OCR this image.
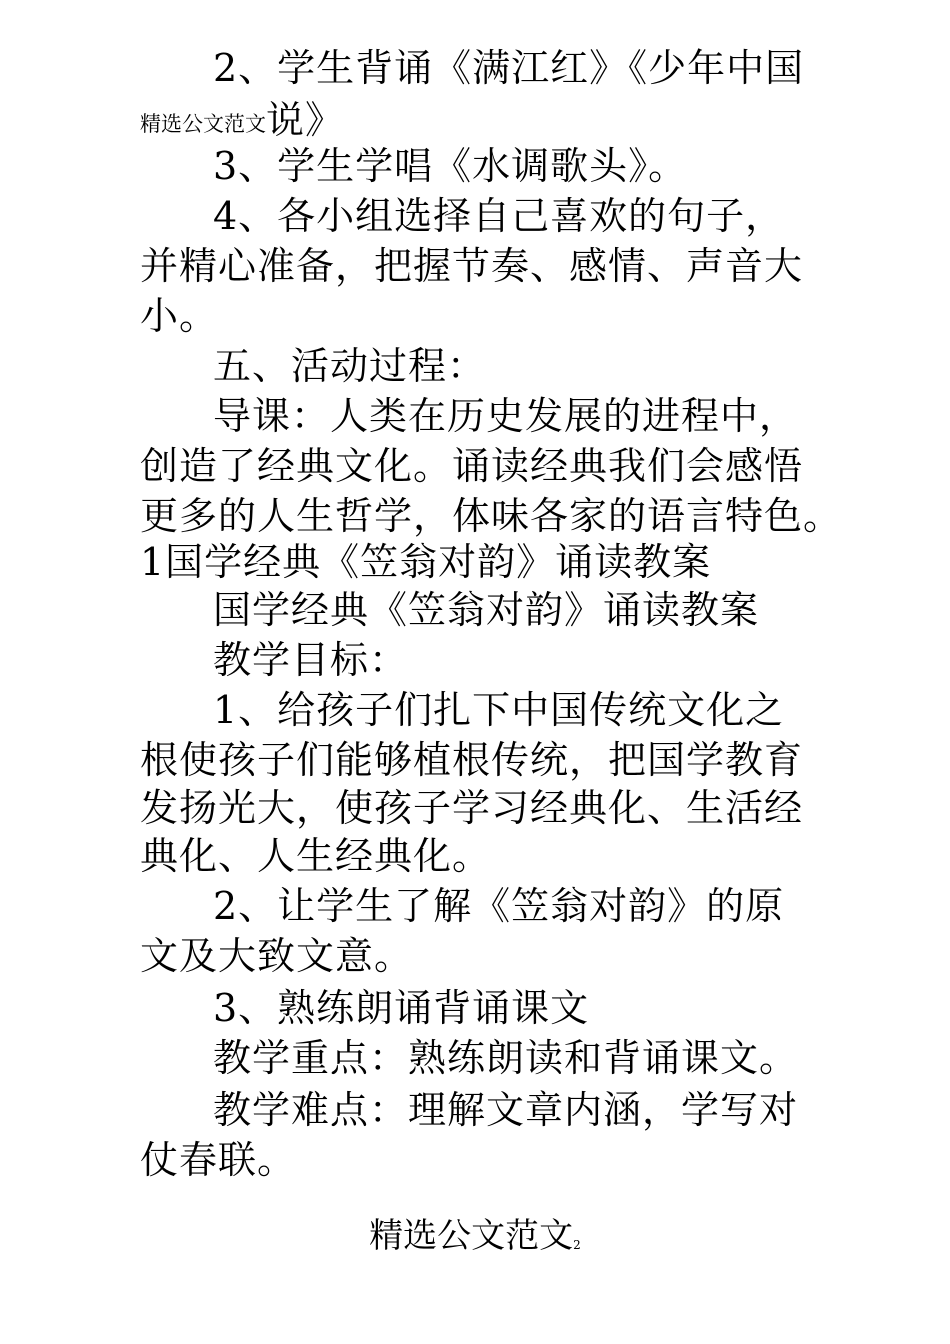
2、学生背诵《满江红》《少年中国
精选公文范文说》
3、学生学唱《水调歌头》。
4、各小组选择自己喜欢的句子，
并精心准备，把握节奏、感情、声音大
小。
五、活动过程：
导课：人类在历史发展的进程中，
创造了经典文化。诵读经典我们会感悟
更多的人生哲学，体味各家的语言特色。
1国学经典《笠翁对韵》诵读教案
国学经典《笠翁对韵》诵读教案
教学目标：
1、给孩子们扎下中国传统文化之
根使孩子们能够植根传统，把国学教育
发扬光大，使孩子学习经典化、生活经
典化、人生经典化。
2、让学生了解《笠翁对韵》的原
文及大致文意。
3、熟练朗诵背诵课文
教学重点：熟练朗读和背诵课文。
教学难点：理解文章内涵，学写对
仗春联。
精选公文范文2
